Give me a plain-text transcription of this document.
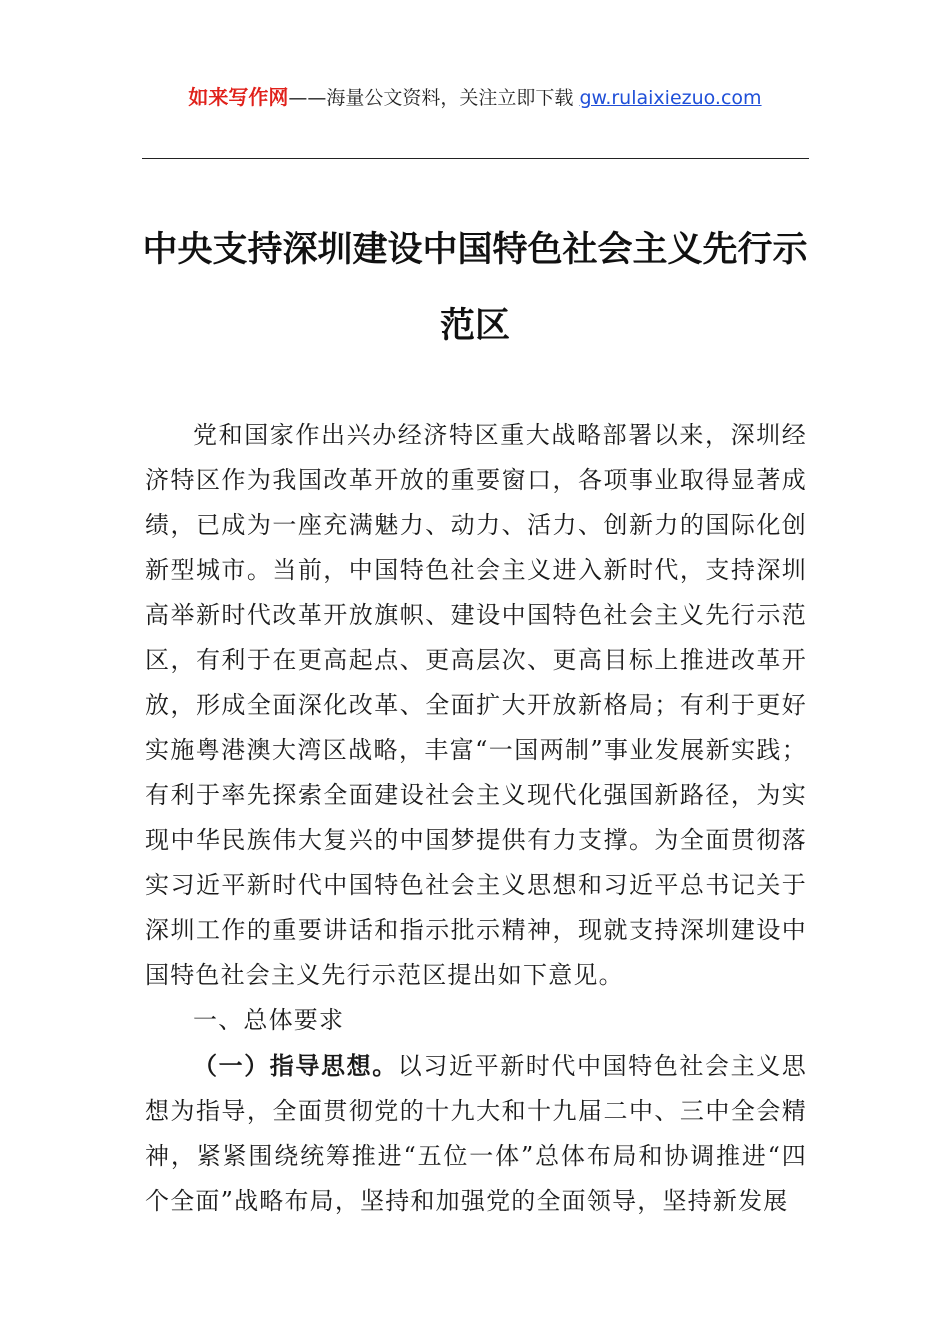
如来写作网——海量公文资料，关注立即下载 gw.rulaixiezuo.com
中央支持深圳建设中国特色社会主义先行示范区

党和国家作出兴办经济特区重大战略部署以来，深圳经济特区作为我国改革开放的重要窗口，各项事业取得显著成绩，已成为一座充满魅力、动力、活力、创新力的国际化创新型城市。当前，中国特色社会主义进入新时代，支持深圳高举新时代改革开放旗帜、建设中国特色社会主义先行示范区，有利于在更高起点、更高层次、更高目标上推进改革开放，形成全面深化改革、全面扩大开放新格局；有利于更好实施粤港澳大湾区战略，丰富“一国两制”事业发展新实践；有利于率先探索全面建设社会主义现代化强国新路径，为实现中华民族伟大复兴的中国梦提供有力支撑。为全面贯彻落实习近平新时代中国特色社会主义思想和习近平总书记关于深圳工作的重要讲话和指示批示精神，现就支持深圳建设中国特色社会主义先行示范区提出如下意见。

一、总体要求

（一）指导思想。以习近平新时代中国特色社会主义思想为指导，全面贯彻党的十九大和十九届二中、三中全会精神，紧紧围绕统筹推进“五位一体”总体布局和协调推进“四个全面”战略布局，坚持和加强党的全面领导，坚持新发展
